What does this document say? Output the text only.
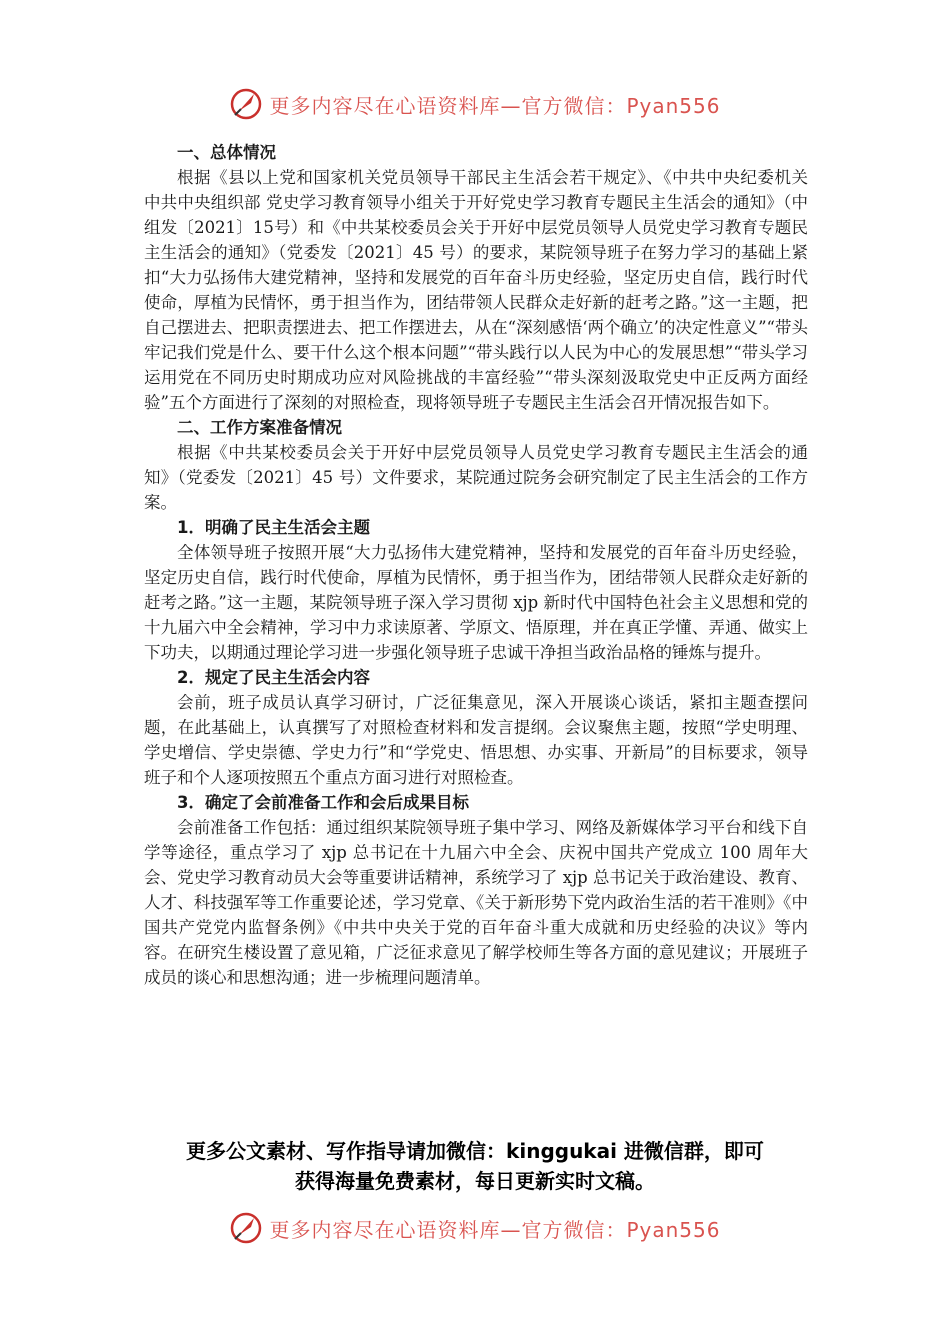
更多内容尽在心语资料库—官方微信：Pyan556
一、总体情况

根据《县以上党和国家机关党员领导干部民主生活会若干规定》、《中共中央纪委机关　中共中央组织部 党史学习教育领导小组关于开好党史学习教育专题民主生活会的通知》（中组发〔2021〕15号）和《中共某校委员会关于开好中层党员领导人员党史学习教育专题民主生活会的通知》（党委发〔2021〕45 号）的要求，某院领导班子在努力学习的基础上紧扣“大力弘扬伟大建党精神，坚持和发展党的百年奋斗历史经验，坚定历史自信，践行时代使命，厚植为民情怀，勇于担当作为，团结带领人民群众走好新的赶考之路。”这一主题，把自己摆进去、把职责摆进去、把工作摆进去，从在“深刻感悟‘两个确立’的决定性意义”“带头牢记我们党是什么、要干什么这个根本问题”“带头践行以人民为中心的发展思想”“带头学习运用党在不同历史时期成功应对风险挑战的丰富经验”“带头深刻汲取党史中正反两方面经验”五个方面进行了深刻的对照检查，现将领导班子专题民主生活会召开情况报告如下。

二、工作方案准备情况

根据《中共某校委员会关于开好中层党员领导人员党史学习教育专题民主生活会的通知》（党委发〔2021〕45 号）文件要求，某院通过院务会研究制定了民主生活会的工作方案。

1．明确了民主生活会主题

全体领导班子按照开展“大力弘扬伟大建党精神，坚持和发展党的百年奋斗历史经验，坚定历史自信，践行时代使命，厚植为民情怀，勇于担当作为，团结带领人民群众走好新的赶考之路。”这一主题，某院领导班子深入学习贯彻 xjp 新时代中国特色社会主义思想和党的十九届六中全会精神，学习中力求读原著、学原文、悟原理，并在真正学懂、弄通、做实上下功夫，以期通过理论学习进一步强化领导班子忠诚干净担当政治品格的锤炼与提升。

2．规定了民主生活会内容

会前，班子成员认真学习研讨，广泛征集意见，深入开展谈心谈话，紧扣主题查摆问题，在此基础上，认真撰写了对照检查材料和发言提纲。会议聚焦主题，按照“学史明理、学史增信、学史崇德、学史力行”和“学党史、悟思想、办实事、开新局”的目标要求，领导班子和个人逐项按照五个重点方面习进行对照检查。

3．确定了会前准备工作和会后成果目标

会前准备工作包括：通过组织某院领导班子集中学习、网络及新媒体学习平台和线下自学等途径，重点学习了 xjp 总书记在十九届六中全会、庆祝中国共产党成立 100 周年大会、党史学习教育动员大会等重要讲话精神，系统学习了 xjp 总书记关于政治建设、教育、人才、科技强军等工作重要论述，学习党章、《关于新形势下党内政治生活的若干准则》《中国共产党党内监督条例》《中共中央关于党的百年奋斗重大成就和历史经验的决议》等内容。在研究生楼设置了意见箱，广泛征求意见了解学校师生等各方面的意见建议；开展班子成员的谈心和思想沟通；进一步梳理问题清单。

更多公文素材、写作指导请加微信：kinggukai 进微信群，即可
获得海量免费素材，每日更新实时文稿。
更多内容尽在心语资料库—官方微信：Pyan556
